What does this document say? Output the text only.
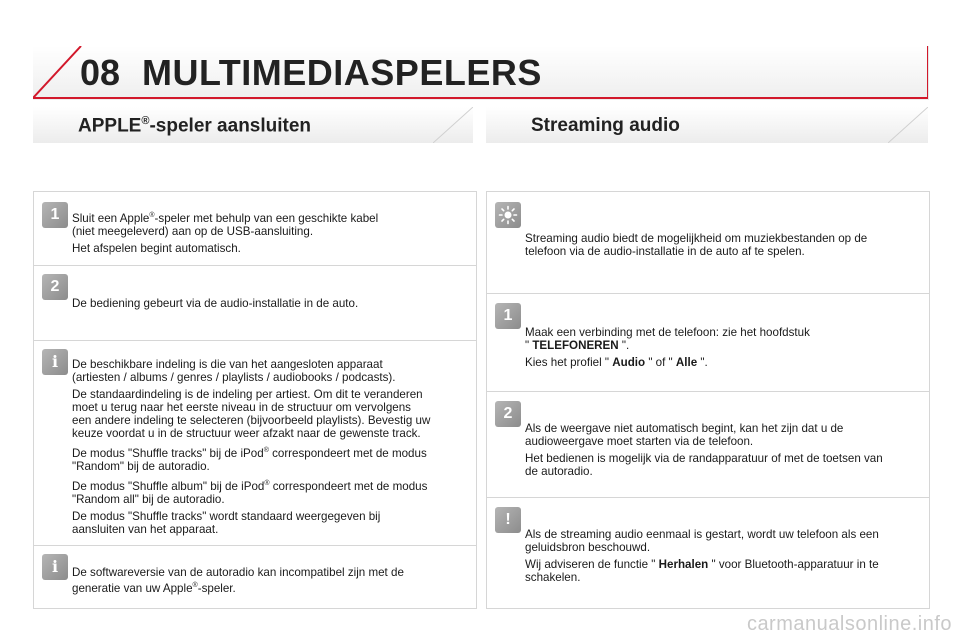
08 MULTIMEDIASPELERS
APPLE®-speler aansluiten	Streaming audio
1	Sluit een Apple®-speler met behulp van een geschikte kabel
(niet meegeleverd) aan op de USB-aansluiting.

Het afspelen begint automatisch.

2

De bediening gebeurt via de audio-installatie in de auto.

i	De beschikbare indeling is die van het aangesloten apparaat
(artiesten / albums / genres / playlists / audiobooks / podcasts).

De standaardindeling is de indeling per artiest. Om dit te veranderen
moet u terug naar het eerste niveau in de structuur om vervolgens
een andere indeling te selecteren (bijvoorbeeld playlists). Bevestig uw
keuze voordat u in de structuur weer afzakt naar de gewenste track.

De modus "Shuffle tracks" bij de iPod® correspondeert met de modus
"Random" bij de autoradio.

De modus "Shuffle album" bij de iPod® correspondeert met de modus
"Random all" bij de autoradio.

De modus "Shuffle tracks" wordt standaard weergegeven bij
aansluiten van het apparaat.

i	De softwareversie van de autoradio kan incompatibel zijn met de
generatie van uw Apple®-speler.

Streaming audio biedt de mogelijkheid om muziekbestanden op de
telefoon via de audio-installatie in de auto af te spelen.

1

Maak een verbinding met de telefoon: zie het hoofdstuk
" TELEFONEREN ".

Kies het profiel " Audio " of " Alle ".

2

Als de weergave niet automatisch begint, kan het zijn dat u de
audioweergave moet starten via de telefoon.

Het bedienen is mogelijk via de randapparatuur of met de toetsen van
de autoradio.

!

Als de streaming audio eenmaal is gestart, wordt uw telefoon als een
geluidsbron beschouwd.

Wij adviseren de functie " Herhalen " voor Bluetooth-apparatuur in te
schakelen.

carmanualsonline.info
